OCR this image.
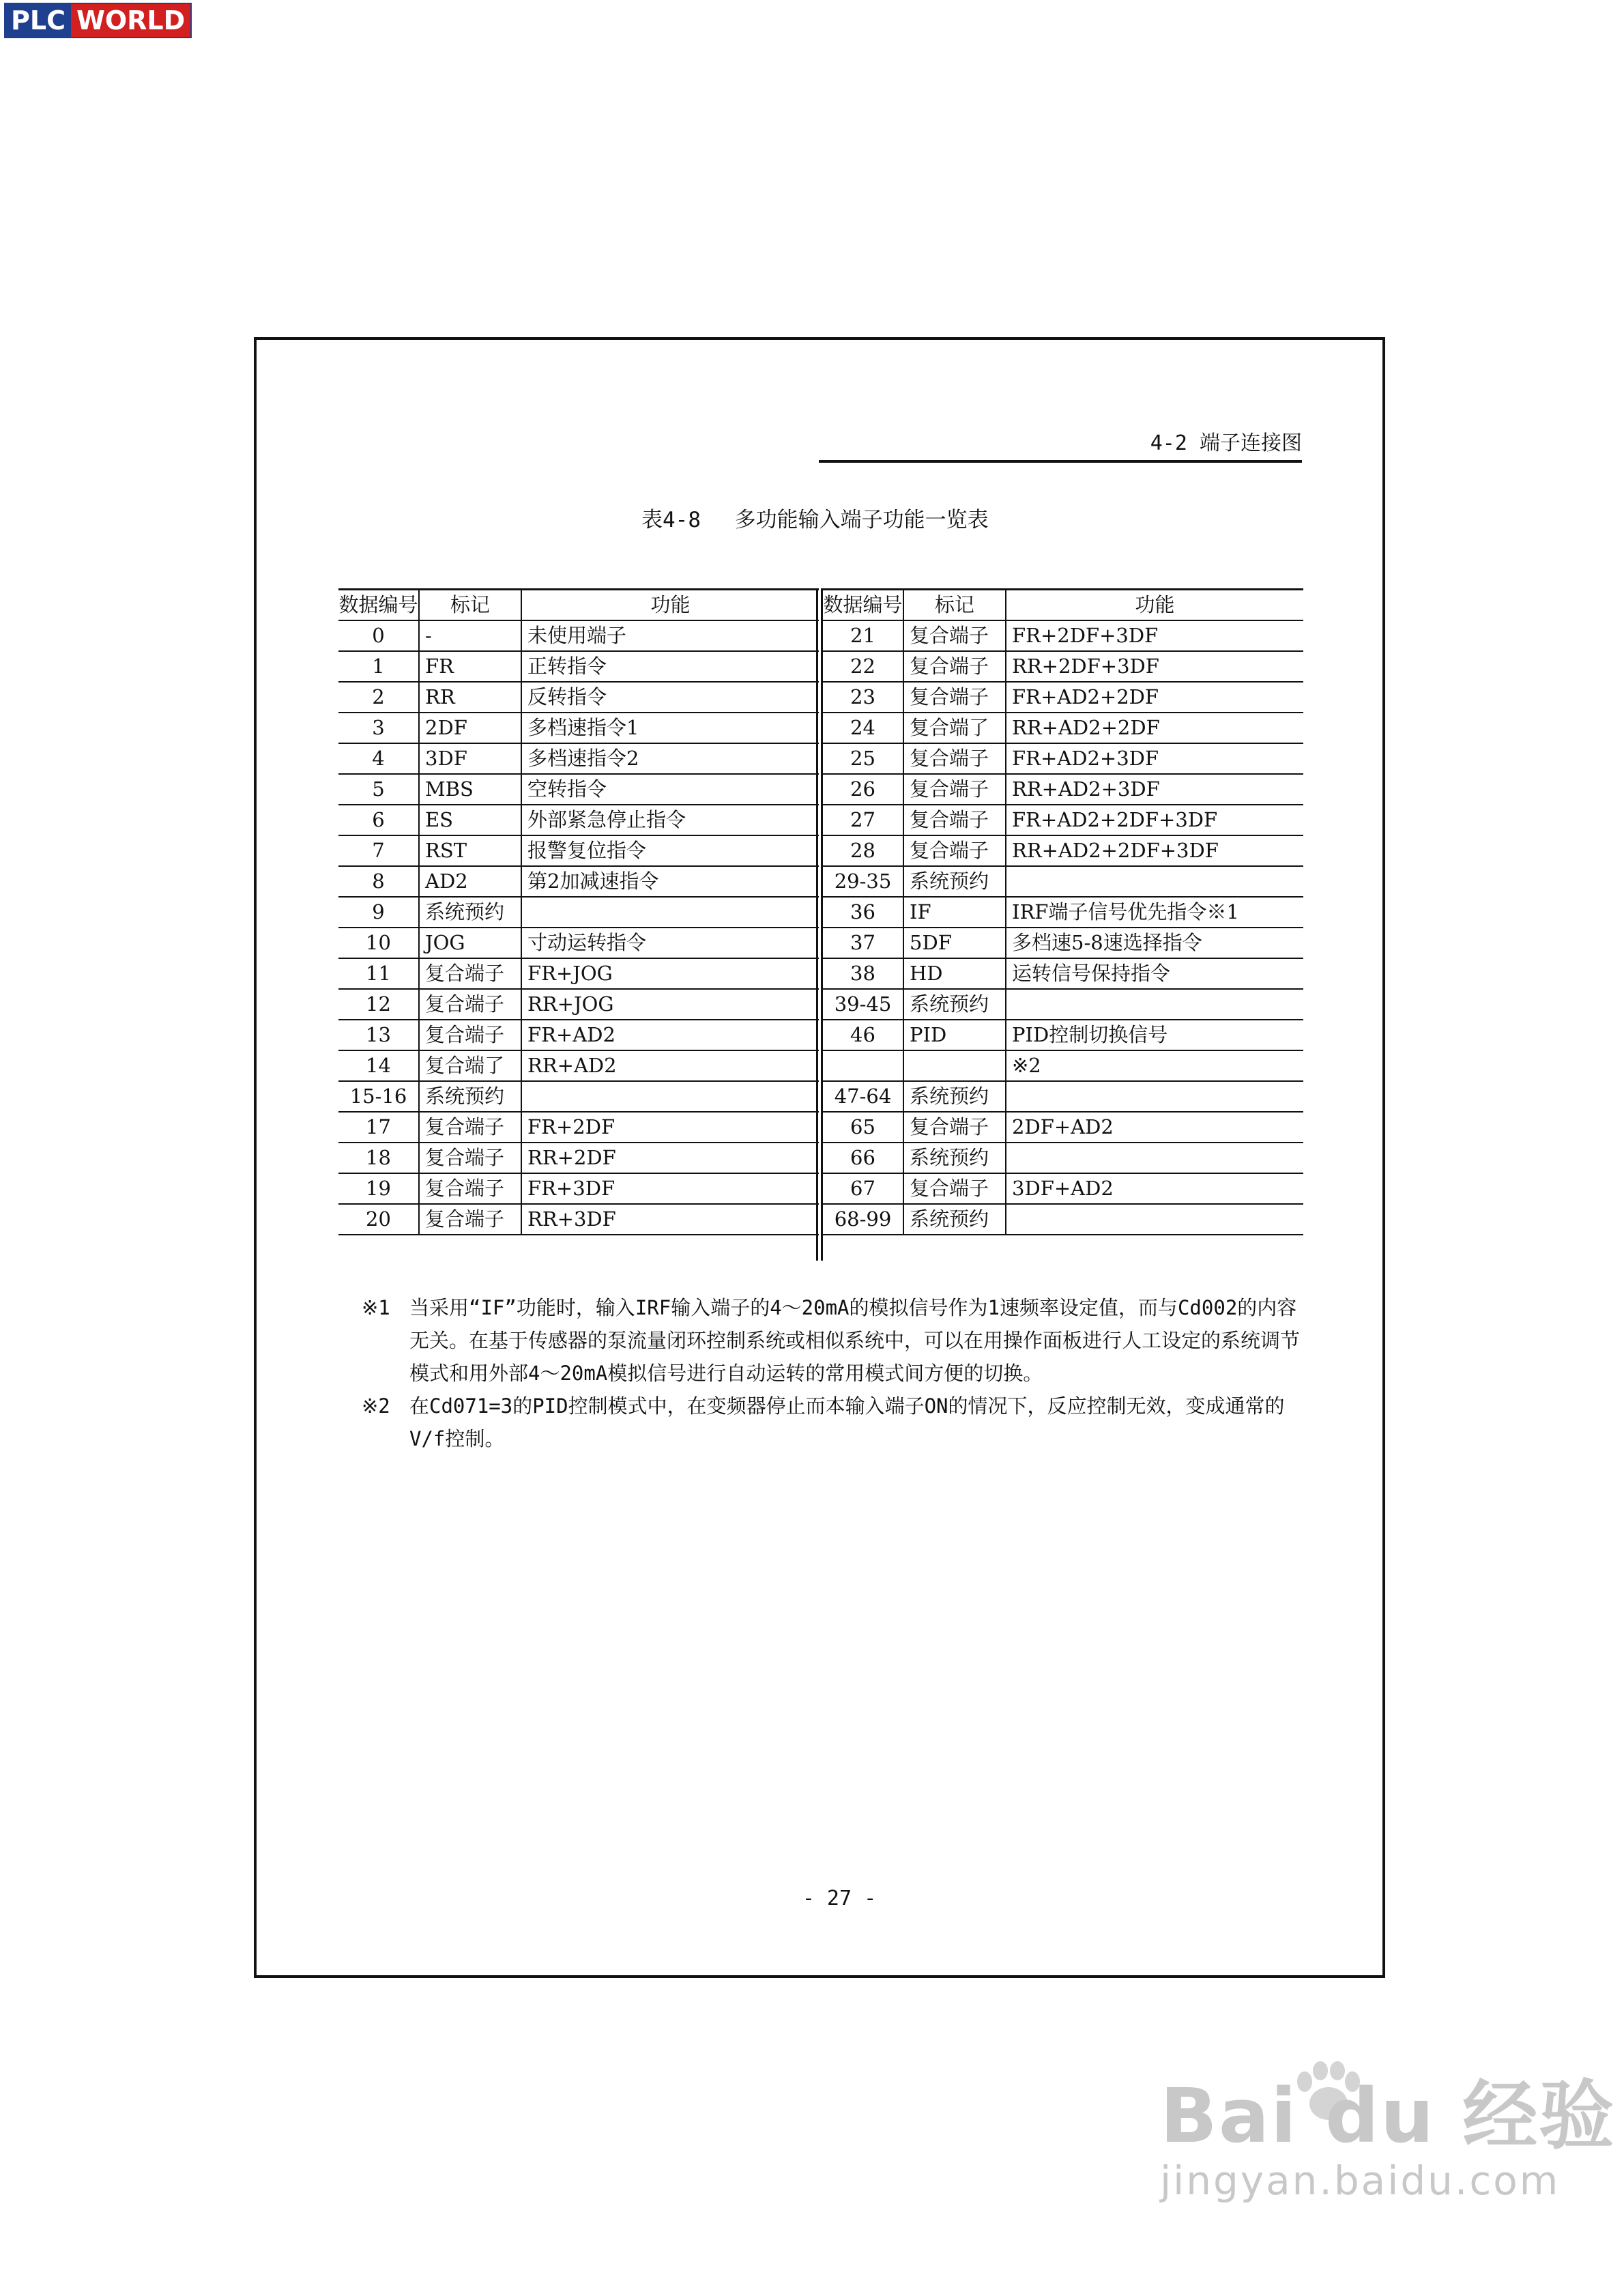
PLC WORLD
4-2 端子连接图
表4-8　 多功能输入端子功能一览表
数据编号	标记	功能
0	-	未使用端子
1	FR	正转指令
2	RR	反转指令
3	2DF	多档速指令1
4	3DF	多档速指令2
5	MBS	空转指令
6	ES	外部紧急停止指令
7	RST	报警复位指令
8	AD2	第2加减速指令
9	系统预约	
10	JOG	寸动运转指令
11	复合端子	FR+JOG
12	复合端子	RR+JOG
13	复合端子	FR+AD2
14	复合端了	RR+AD2
15-16	系统预约	
17	复合端子	FR+2DF
18	复合端子	RR+2DF
19	复合端子	FR+3DF
20	复合端子	RR+3DF
数据编号	标记	功能
21	复合端子	FR+2DF+3DF
22	复合端子	RR+2DF+3DF
23	复合端子	FR+AD2+2DF
24	复合端了	RR+AD2+2DF
25	复合端子	FR+AD2+3DF
26	复合端子	RR+AD2+3DF
27	复合端子	FR+AD2+2DF+3DF
28	复合端子	RR+AD2+2DF+3DF
29-35	系统预约	
36	IF	IRF端子信号优先指令※1
37	5DF	多档速5-8速选择指令
38	HD	运转信号保持指令
39-45	系统预约	
46	PID	PID控制切换信号
		※2
47-64	系统预约	
65	复合端子	2DF+AD2
66	系统预约	
67	复合端子	3DF+AD2
68-99	系统预约	
※1 当采用“IF”功能时，输入IRF输入端子的4～20mA的模拟信号作为1速频率设定值，而与Cd002的内容无关。在基于传感器的泵流量闭环控制系统或相似系统中，可以在用操作面板进行人工设定的系统调节模式和用外部4～20mA模拟信号进行自动运转的常用模式间方便的切换。
※2 在Cd071=3的PID控制模式中，在变频器停止而本输入端子ON的情况下，反应控制无效，变成通常的V/f控制。
- 27 -
Bai du 经验
jingyan.baidu.com
